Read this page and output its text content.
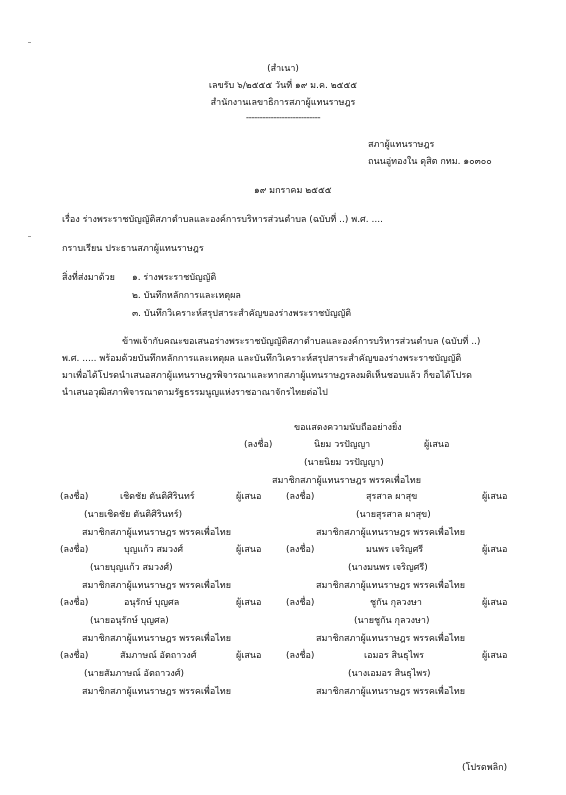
(สำเนา)
เลขรับ ๖/๒๕๕๕ วันที่ ๑๙ ม.ค. ๒๕๕๕
สำนักงานเลขาธิการสภาผู้แทนราษฎร
---------------------------
สภาผู้แทนราษฎร
ถนนอู่ทองใน ดุสิต กทม. ๑๐๓๐๐
๑๙ มกราคม ๒๕๕๕
เรื่อง ร่างพระราชบัญญัติสภาตำบลและองค์การบริหารส่วนตำบล (ฉบับที่ ..) พ.ศ. ....
กราบเรียน ประธานสภาผู้แทนราษฎร
สิ่งที่ส่งมาด้วย ๑. ร่างพระราชบัญญัติ
๒. บันทึกหลักการและเหตุผล
๓. บันทึกวิเคราะห์สรุปสาระสำคัญของร่างพระราชบัญญัติ
ข้าพเจ้ากับคณะขอเสนอร่างพระราชบัญญัติสภาตำบลและองค์การบริหารส่วนตำบล (ฉบับที่ ..)
พ.ศ. ..... พร้อมด้วยบันทึกหลักการและเหตุผล และบันทึกวิเคราะห์สรุปสาระสำคัญของร่างพระราชบัญญัติ
มาเพื่อได้โปรดนำเสนอสภาผู้แทนราษฎรพิจารณาและหากสภาผู้แทนราษฎรลงมติเห็นชอบแล้ว ก็ขอได้โปรด
นำเสนอวุฒิสภาพิจารณาตามรัฐธรรมนูญแห่งราชอาณาจักรไทยต่อไป
ขอแสดงความนับถืออย่างยิ่ง
(ลงชื่อ)	นิยม วรปัญญา	ผู้เสนอ
(นายนิยม วรปัญญา)
สมาชิกสภาผู้แทนราษฎร พรรคเพื่อไทย
(ลงชื่อ)	เชิดชัย ตันติศิรินทร์	ผู้เสนอ
(นายเชิดชัย ตันติศิรินทร์)
สมาชิกสภาผู้แทนราษฎร พรรคเพื่อไทย
(ลงชื่อ)	บุญแก้ว สมวงศ์	ผู้เสนอ
(นายบุญแก้ว สมวงศ์)
สมาชิกสภาผู้แทนราษฎร พรรคเพื่อไทย
(ลงชื่อ)	อนุรักษ์ บุญศล	ผู้เสนอ
(นายอนุรักษ์ บุญศล)
สมาชิกสภาผู้แทนราษฎร พรรคเพื่อไทย
(ลงชื่อ)	สัมภาษณ์ อัตถาวงศ์	ผู้เสนอ
(นายสัมภาษณ์ อัตถาวงศ์)
สมาชิกสภาผู้แทนราษฎร พรรคเพื่อไทย
(ลงชื่อ)	สุรสาล ผาสุข	ผู้เสนอ
(นายสุรสาล ผาสุข)
สมาชิกสภาผู้แทนราษฎร พรรคเพื่อไทย
(ลงชื่อ)	มนพร เจริญศรี	ผู้เสนอ
(นางมนพร เจริญศรี)
สมาชิกสภาผู้แทนราษฎร พรรคเพื่อไทย
(ลงชื่อ)	ชูกัน กุลวงษา	ผู้เสนอ
(นายชูกัน กุลวงษา)
สมาชิกสภาผู้แทนราษฎร พรรคเพื่อไทย
(ลงชื่อ)	เอมอร สินธุไพร	ผู้เสนอ
(นางเอมอร สินธุไพร)
สมาชิกสภาผู้แทนราษฎร พรรคเพื่อไทย
(โปรดพลิก)
